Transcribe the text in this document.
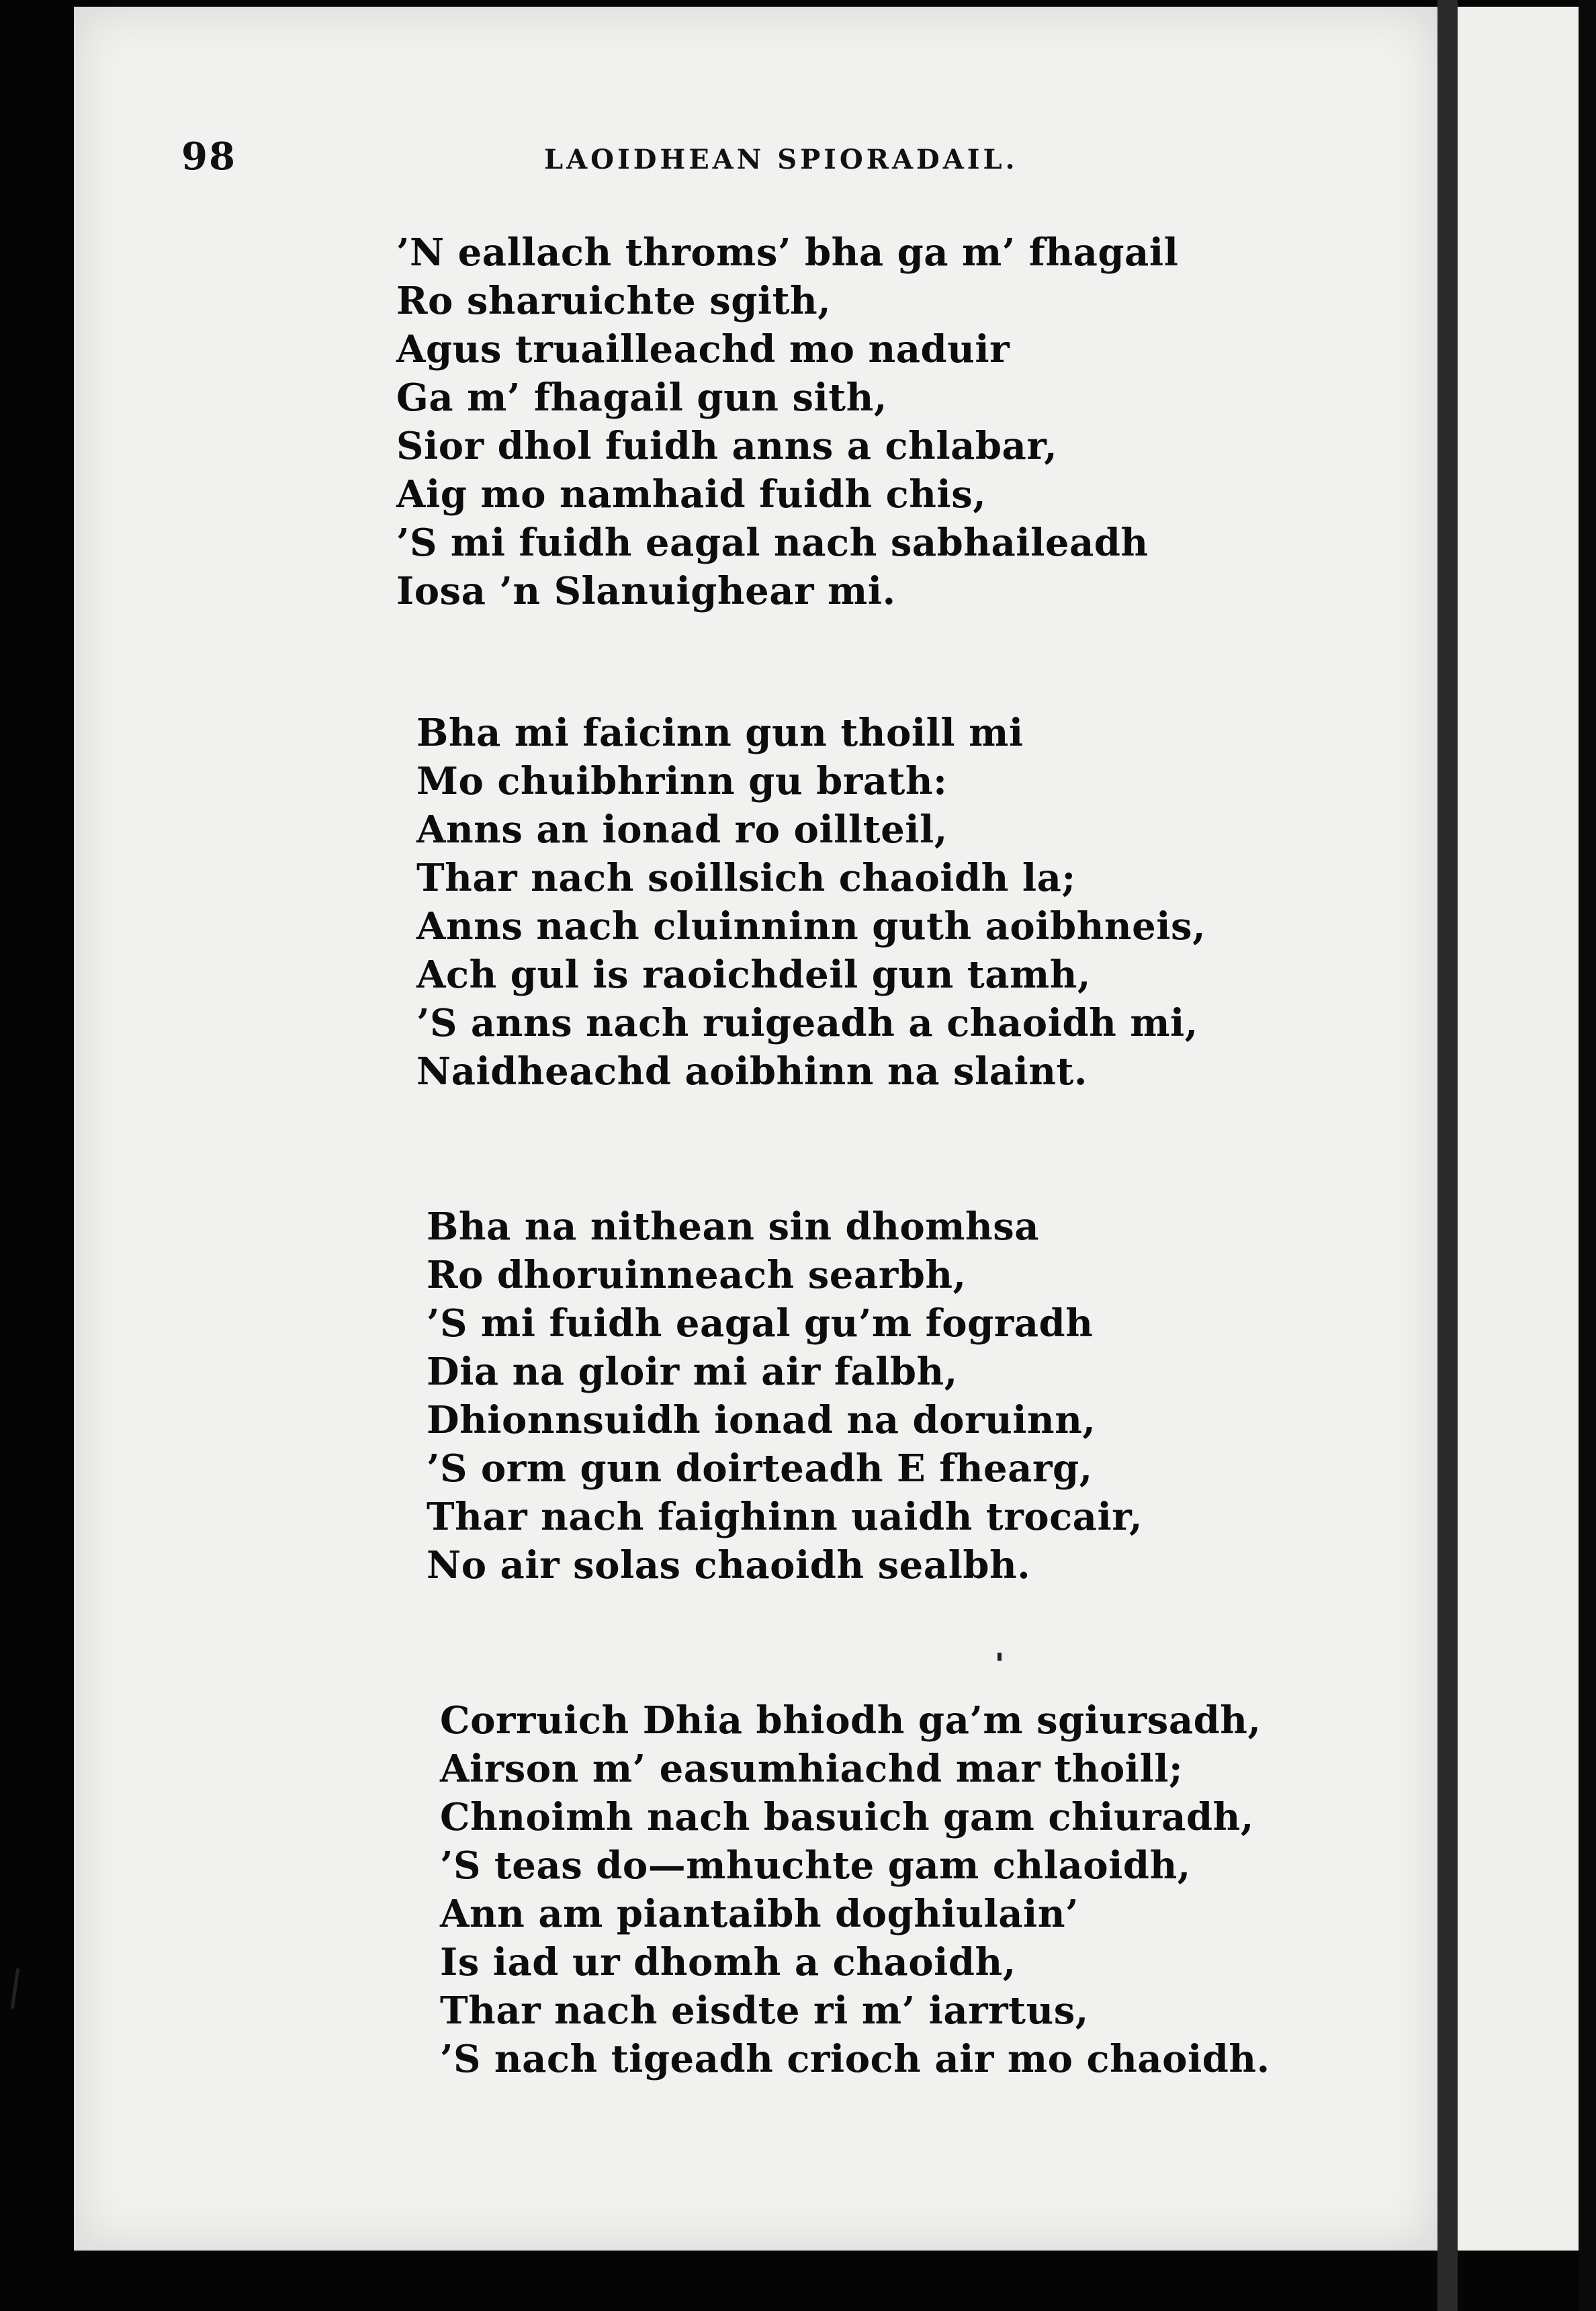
98	LAOIDHEAN SPIORADAIL.
’N eallach throms’ bha ga m’ fhagail
Ro sharuichte sgith,
Agus truailleachd mo naduir
Ga m’ fhagail gun sith,
Sior dhol fuidh anns a chlabar,
Aig mo namhaid fuidh chis,
’S mi fuidh eagal nach sabhaileadh
Iosa ’n Slanuighear mi.
Bha mi faicinn gun thoill mi
Mo chuibhrinn gu brath:
Anns an ionad ro oillteil,
Thar nach soillsich chaoidh la;
Anns nach cluinninn guth aoibhneis,
Ach gul is raoichdeil gun tamh,
’S anns nach ruigeadh a chaoidh mi,
Naidheachd aoibhinn na slaint.
Bha na nithean sin dhomhsa
Ro dhoruinneach searbh,
’S mi fuidh eagal gu’m fogradh
Dia na gloir mi air falbh,
Dhionnsuidh ionad na doruinn,
’S orm gun doirteadh E fhearg,
Thar nach faighinn uaidh trocair,
No air solas chaoidh sealbh.
Corruich Dhia bhiodh ga’m sgiursadh,
Airson m’ easumhiachd mar thoill;
Chnoimh nach basuich gam chiuradh,
’S teas do—mhuchte gam chlaoidh,
Ann am piantaibh doghiulain’
Is iad ur dhomh a chaoidh,
Thar nach eisdte ri m’ iarrtus,
’S nach tigeadh crioch air mo chaoidh.
